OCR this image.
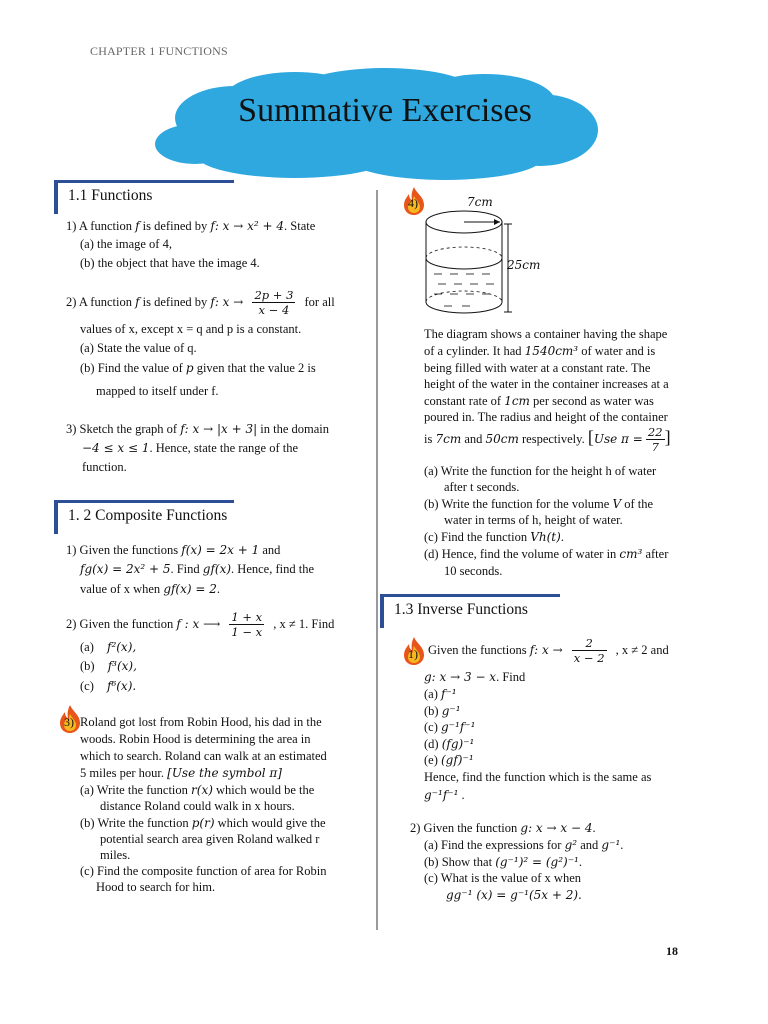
CHAPTER 1 FUNCTIONS
Summative Exercises
1.1 Functions
1) A function f is defined by f: x → x² + 4. State
(a) the image of 4,
(b) the object that have the image 4.
2) A function f is defined by f: $x \to \frac{2p + 3}{x - 4}$ for all
values of x, except x = q and p is a constant.
(a) State the value of q.
(b) Find the value of p given that the value 2 is
mapped to itself under f.
3) Sketch the graph of f: x → |x + 3| in the domain
−4 ≤ x ≤ 1. Hence, state the range of the
function.
1. 2 Composite Functions
1) Given the functions f(x) = 2x + 1 and
fg(x) = 2x² + 5. Find gf(x). Hence, find the
value of x when gf(x) = 2.
2) Given the function f : x ⟶ $\frac{1 + x}{1 - x}$ , x ≠ 1. Find
(a) f²(x),
(b) f³(x),
(c) f⁶(x).
3) Roland got lost from Robin Hood, his dad in the
woods. Robin Hood is determining the area in
which to search. Roland can walk at an estimated
5 miles per hour. [Use the symbol π]
(a) Write the function r(x) which would be the
distance Roland could walk in x hours.
(b) Write the function p(r) which would give the
potential search area given Roland walked r
miles.
(c) Find the composite function of area for Robin
Hood to search for him.
4)	7cm
25cm
The diagram shows a container having the shape
of a cylinder. It had 1540cm³ of water and is
being filled with water at a constant rate. The
height of the water in the container increases at a
constant rate of 1cm per second as water was
poured in. The radius and height of the container
is 7cm and 50cm respectively. [Use $\pi = \frac{22}{7}$ ]
(a) Write the function for the height h of water
after t seconds.
(b) Write the function for the volume V of the
water in terms of h, height of water.
(c) Find the function Vh(t).
(d) Hence, find the volume of water in cm³ after
10 seconds.
1.3 Inverse Functions
1) Given the functions f: $x \to \frac{2}{x - 2}$ , x ≠ 2 and
g: x → 3 − x. Find
(a) f⁻¹
(b) g⁻¹
(c) g⁻¹f⁻¹
(d) (fg)⁻¹
(e) (gf)⁻¹
Hence, find the function which is the same as
g⁻¹f⁻¹ .
2) Given the function g: x → x − 4.
(a) Find the expressions for g² and g⁻¹.
(b) Show that (g⁻¹)² = (g²)⁻¹.
(c) What is the value of x when
gg⁻¹ (x) = g⁻¹(5x + 2).
18
